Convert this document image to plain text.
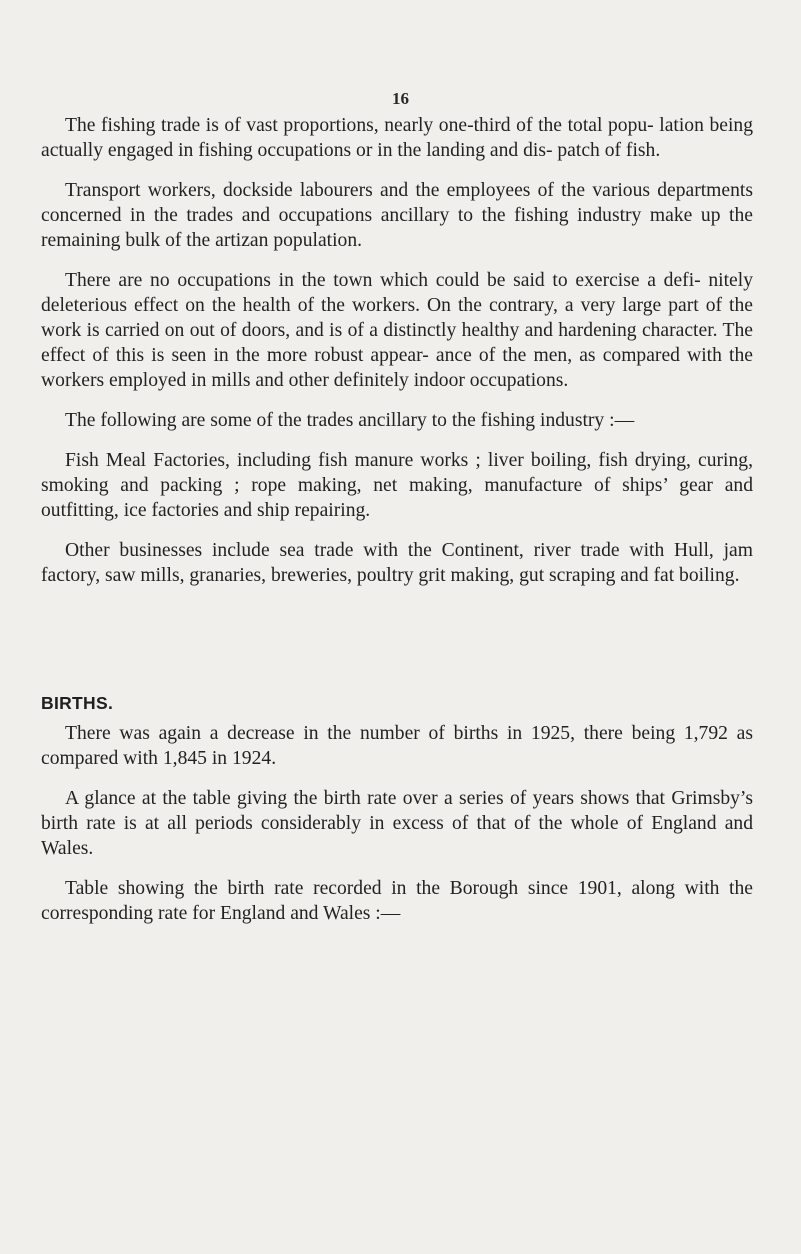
16

The fishing trade is of vast proportions, nearly one-third of the total popu- lation being actually engaged in fishing occupations or in the landing and dis- patch of fish.

Transport workers, dockside labourers and the employees of the various departments concerned in the trades and occupations ancillary to the fishing industry make up the remaining bulk of the artizan population.

There are no occupations in the town which could be said to exercise a defi- nitely deleterious effect on the health of the workers. On the contrary, a very large part of the work is carried on out of doors, and is of a distinctly healthy and hardening character. The effect of this is seen in the more robust appear- ance of the men, as compared with the workers employed in mills and other definitely indoor occupations.

The following are some of the trades ancillary to the fishing industry :—

Fish Meal Factories, including fish manure works ; liver boiling, fish drying, curing, smoking and packing ; rope making, net making, manufacture of ships’ gear and outfitting, ice factories and ship repairing.

Other businesses include sea trade with the Continent, river trade with Hull, jam factory, saw mills, granaries, breweries, poultry grit making, gut scraping and fat boiling.

BIRTHS.

There was again a decrease in the number of births in 1925, there being 1,792 as compared with 1,845 in 1924.

A glance at the table giving the birth rate over a series of years shows that Grimsby’s birth rate is at all periods considerably in excess of that of the whole of England and Wales.

Table showing the birth rate recorded in the Borough since 1901, along with the corresponding rate for England and Wales :—
